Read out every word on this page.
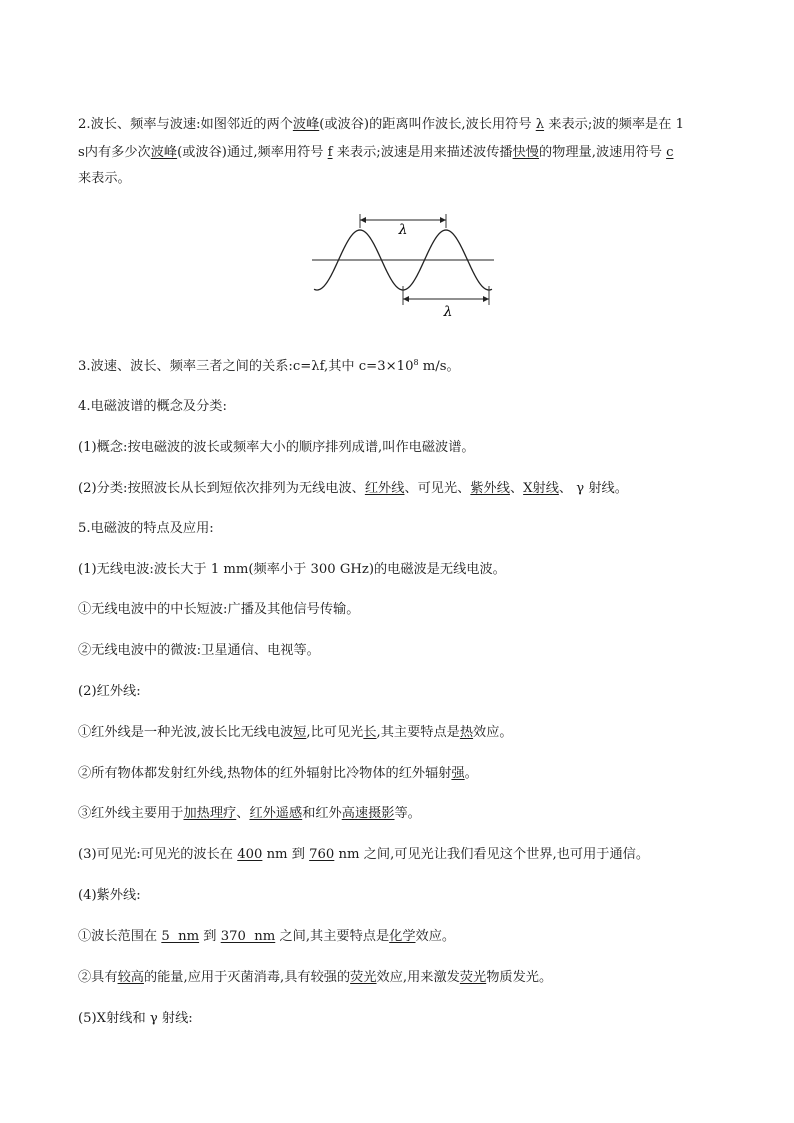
2.波长、频率与波速:如图邻近的两个波峰(或波谷)的距离叫作波长,波长用符号 λ 来表示;波的频率是在 1
s内有多少次波峰(或波谷)通过,频率用符号 f 来表示;波速是用来描述波传播快慢的物理量,波速用符号 c
来表示。
λ
λ
3.波速、波长、频率三者之间的关系:c=λf,其中 $c=3\times 10^8$ m/s。
4.电磁波谱的概念及分类:
(1)概念:按电磁波的波长或频率大小的顺序排列成谱,叫作电磁波谱。
(2)分类:按照波长从长到短依次排列为无线电波、红外线、可见光、紫外线、X射线、 γ 射线。
5.电磁波的特点及应用:
(1)无线电波:波长大于 1 mm(频率小于 300 GHz)的电磁波是无线电波。
①无线电波中的中长短波:广播及其他信号传输。
②无线电波中的微波:卫星通信、电视等。
(2)红外线:
①红外线是一种光波,波长比无线电波短,比可见光长,其主要特点是热效应。
②所有物体都发射红外线,热物体的红外辐射比冷物体的红外辐射强。
③红外线主要用于加热理疗、红外遥感和红外高速摄影等。
(3)可见光:可见光的波长在 400 nm 到 760 nm 之间,可见光让我们看见这个世界,也可用于通信。
(4)紫外线:
①波长范围在 5  nm 到 370  nm 之间,其主要特点是化学效应。
②具有较高的能量,应用于灭菌消毒,具有较强的荧光效应,用来激发荧光物质发光。
(5)X射线和 γ 射线:
